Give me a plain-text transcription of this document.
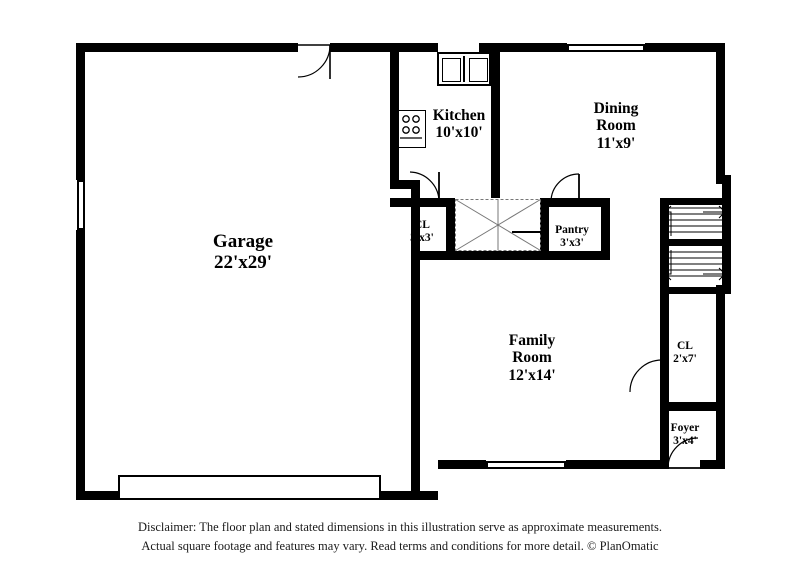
Garage
22'x29'
Kitchen
10'x10'
Dining
Room
11'x9'
Family
Room
12'x14'
CL
3'x3'
Pantry
3'x3'
CL
2'x7'
Foyer
3'x4'
Disclaimer: The floor plan and stated dimensions in this illustration serve as approximate measurements.
Actual square footage and features may vary. Read terms and conditions for more detail. © PlanOmatic
